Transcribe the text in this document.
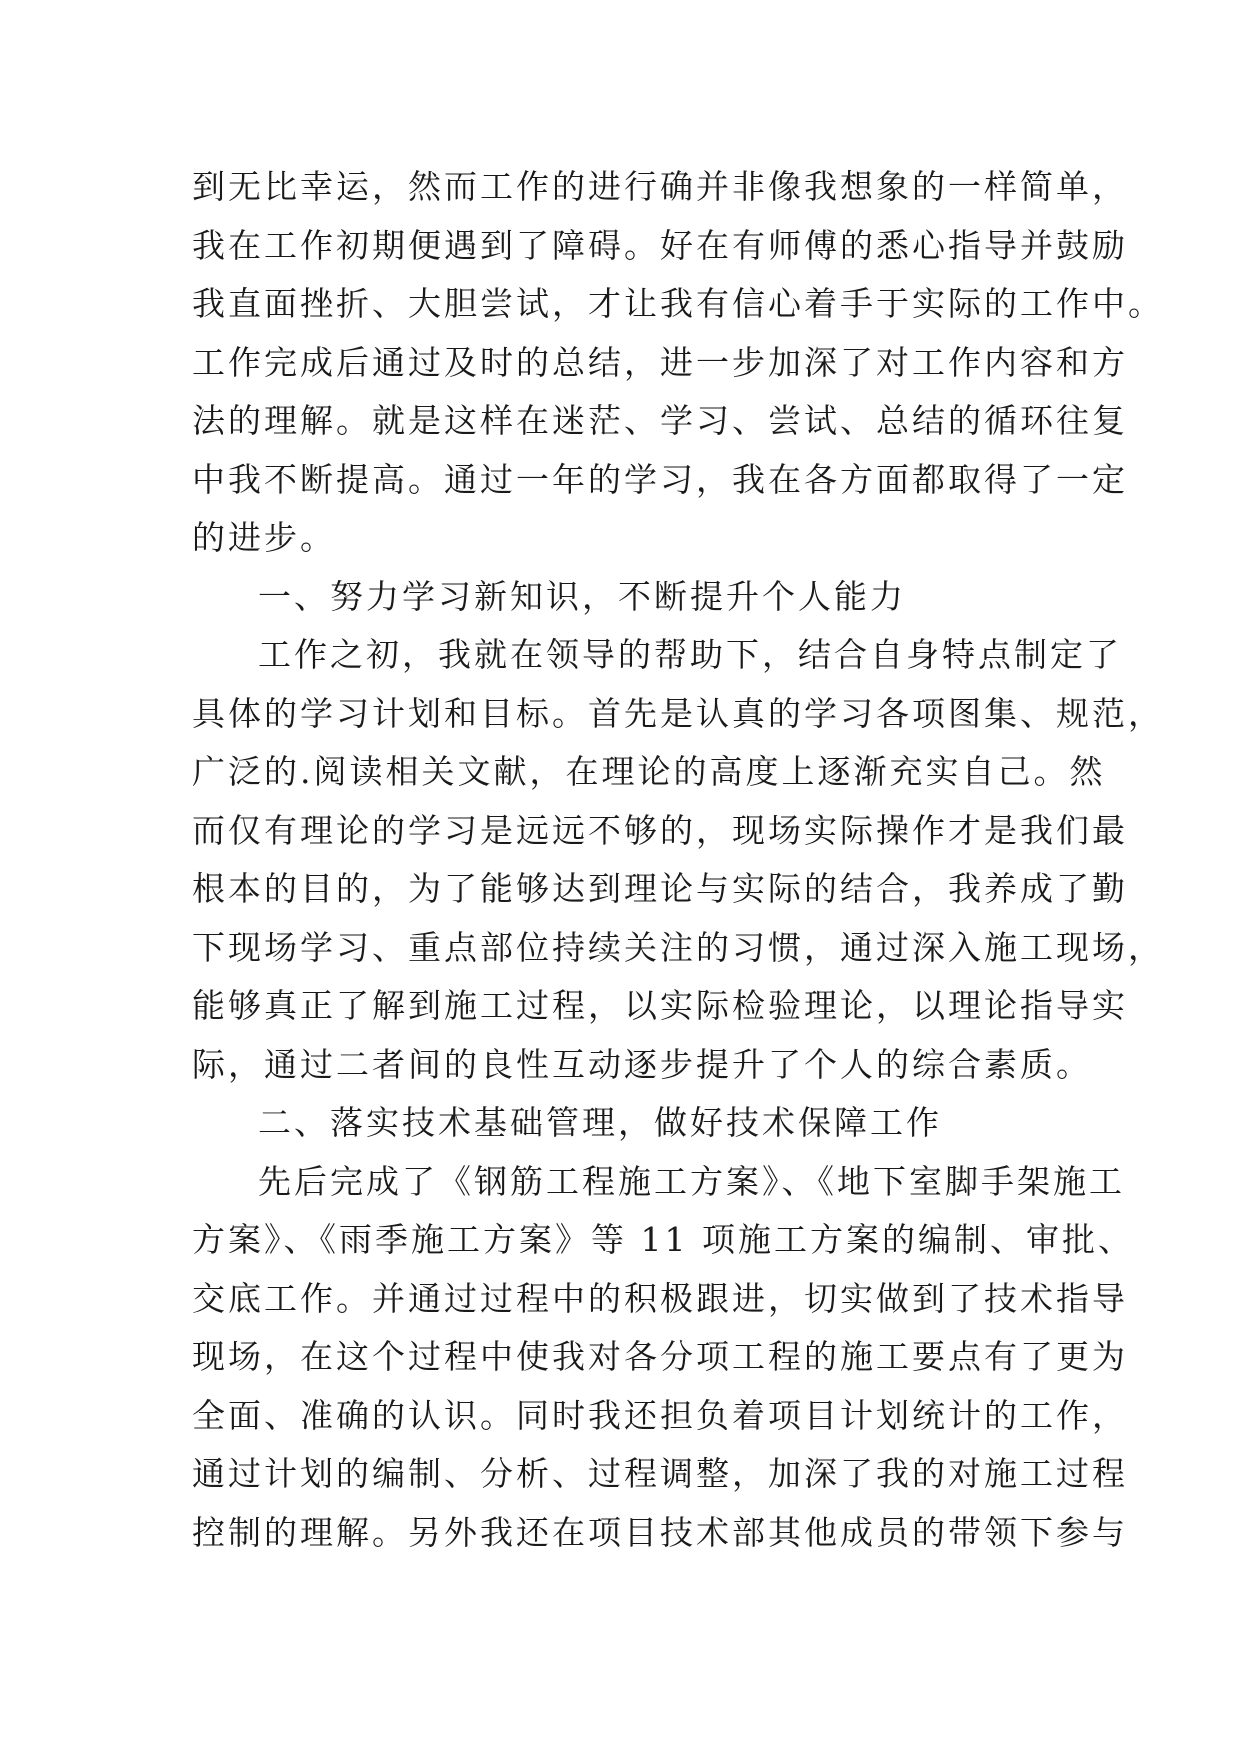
到无比幸运，然而工作的进行确并非像我想象的一样简单，
我在工作初期便遇到了障碍。好在有师傅的悉心指导并鼓励
我直面挫折、大胆尝试，才让我有信心着手于实际的工作中。
工作完成后通过及时的总结，进一步加深了对工作内容和方
法的理解。就是这样在迷茫、学习、尝试、总结的循环往复
中我不断提高。通过一年的学习，我在各方面都取得了一定
的进步。
一、努力学习新知识，不断提升个人能力
工作之初，我就在领导的帮助下，结合自身特点制定了
具体的学习计划和目标。首先是认真的学习各项图集、规范，
广泛的.阅读相关文献，在理论的高度上逐渐充实自己。然
而仅有理论的学习是远远不够的，现场实际操作才是我们最
根本的目的，为了能够达到理论与实际的结合，我养成了勤
下现场学习、重点部位持续关注的习惯，通过深入施工现场，
能够真正了解到施工过程，以实际检验理论，以理论指导实
际，通过二者间的良性互动逐步提升了个人的综合素质。
二、落实技术基础管理，做好技术保障工作
先后完成了《钢筋工程施工方案》、《地下室脚手架施工
方案》、《雨季施工方案》等 11 项施工方案的编制、审批、
交底工作。并通过过程中的积极跟进，切实做到了技术指导
现场，在这个过程中使我对各分项工程的施工要点有了更为
全面、准确的认识。同时我还担负着项目计划统计的工作，
通过计划的编制、分析、过程调整，加深了我的对施工过程
控制的理解。另外我还在项目技术部其他成员的带领下参与
